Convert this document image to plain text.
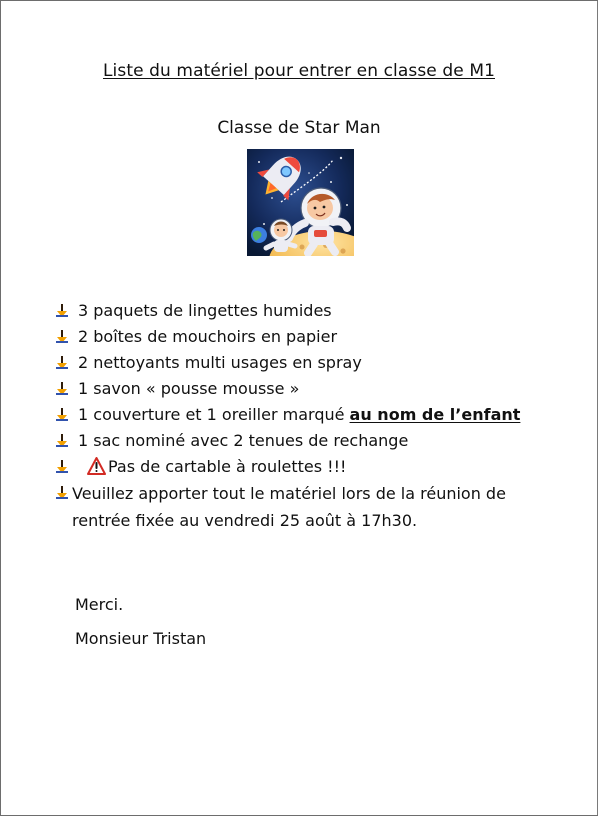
Liste du matériel pour entrer en classe de M1
Classe de Star Man
3 paquets de lingettes humides
2 boîtes de mouchoirs en papier
2 nettoyants multi usages en spray
1 savon « pousse mousse »
1 couverture et 1 oreiller marqué au nom de l’enfant
1 sac nominé avec 2 tenues de rechange
Pas de cartable à roulettes !!!
Veuillez apporter tout le matériel lors de la réunion de rentrée fixée au vendredi 25 août à 17h30.
Merci.
Monsieur Tristan
